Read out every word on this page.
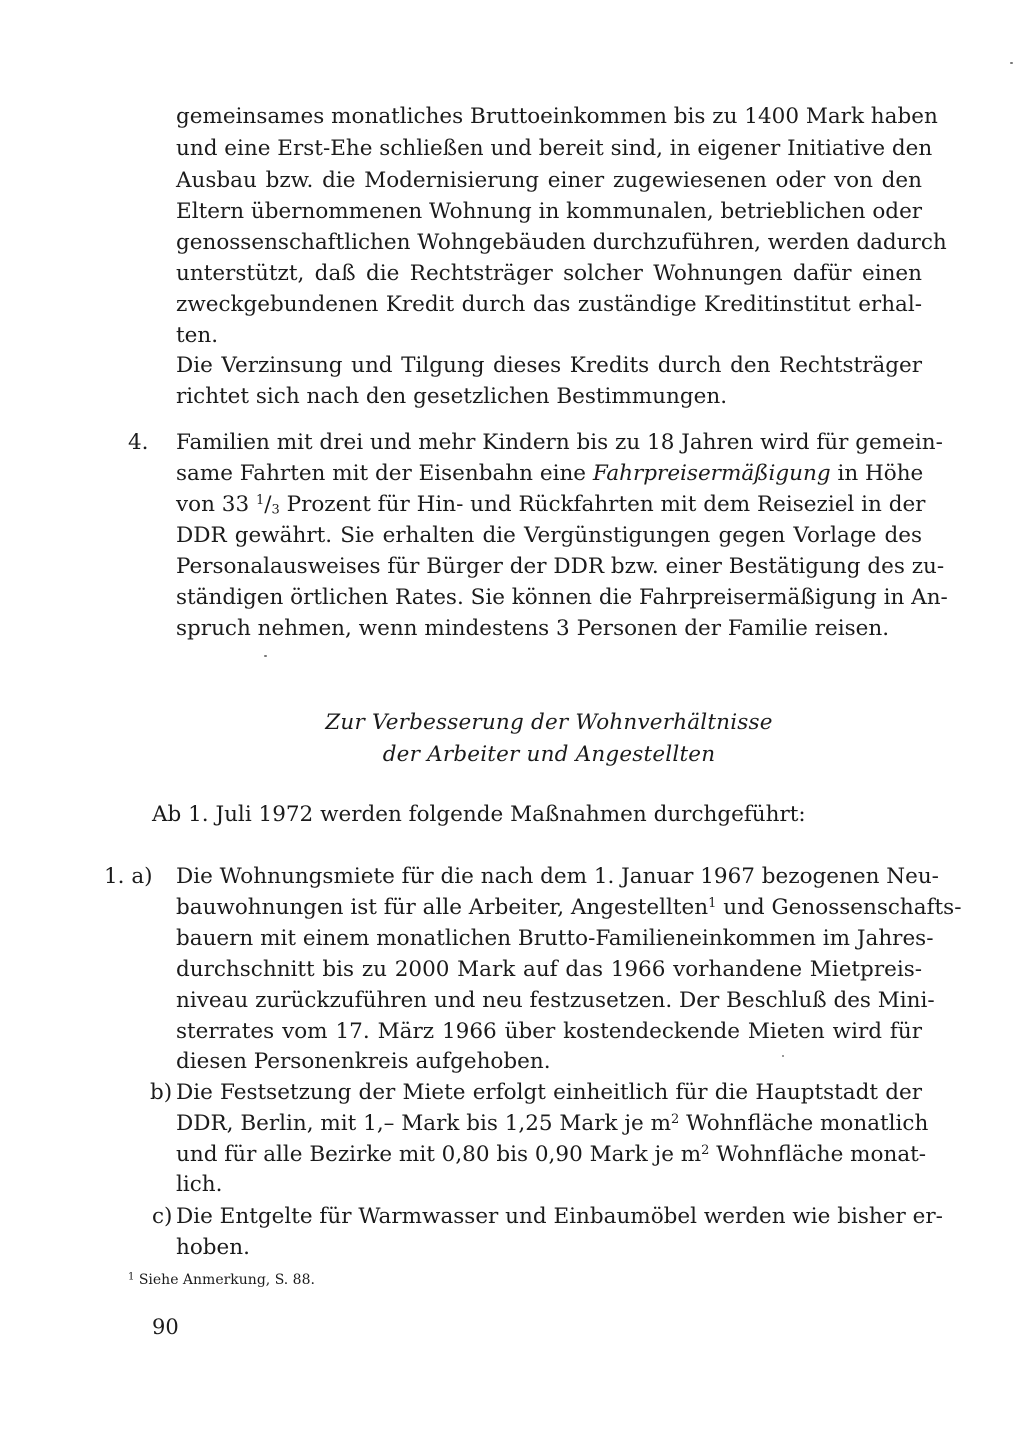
gemeinsames monatliches Bruttoeinkommen bis zu 1400 Mark haben
und eine Erst-Ehe schließen und bereit sind, in eigener Initiative den
Ausbau bzw. die Modernisierung einer zugewiesenen oder von den
Eltern übernommenen Wohnung in kommunalen, betrieblichen oder
genossenschaftlichen Wohngebäuden durchzuführen, werden dadurch
unterstützt, daß die Rechtsträger solcher Wohnungen dafür einen
zweckgebundenen Kredit durch das zuständige Kreditinstitut erhal-
ten.
Die Verzinsung und Tilgung dieses Kredits durch den Rechtsträger
richtet sich nach den gesetzlichen Bestimmungen.
4. Familien mit drei und mehr Kindern bis zu 18 Jahren wird für gemein-
same Fahrten mit der Eisenbahn eine Fahrpreisermäßigung in Höhe
von 33 $^1/_3$ Prozent für Hin- und Rückfahrten mit dem Reiseziel in der
DDR gewährt. Sie erhalten die Vergünstigungen gegen Vorlage des
Personalausweises für Bürger der DDR bzw. einer Bestätigung des zu-
ständigen örtlichen Rates. Sie können die Fahrpreisermäßigung in An-
spruch nehmen, wenn mindestens 3 Personen der Familie reisen.
Zur Verbesserung der Wohnverhältnisse
der Arbeiter und Angestellten
Ab 1. Juli 1972 werden folgende Maßnahmen durchgeführt:
1. a) Die Wohnungsmiete für die nach dem 1. Januar 1967 bezogenen Neu-
bauwohnungen ist für alle Arbeiter, Angestellten$^1$ und Genossenschafts-
bauern mit einem monatlichen Brutto-Familieneinkommen im Jahres-
durchschnitt bis zu 2000 Mark auf das 1966 vorhandene Mietpreis-
niveau zurückzuführen und neu festzusetzen. Der Beschluß des Mini-
sterrates vom 17. März 1966 über kostendeckende Mieten wird für
diesen Personenkreis aufgehoben.
b) Die Festsetzung der Miete erfolgt einheitlich für die Hauptstadt der
DDR, Berlin, mit 1,– Mark bis 1,25 Mark je $m^2$ Wohnfläche monatlich
und für alle Bezirke mit 0,80 bis 0,90 Mark je $m^2$ Wohnfläche monat-
lich.
c) Die Entgelte für Warmwasser und Einbaumöbel werden wie bisher er-
hoben.
$^1$ Siehe Anmerkung, S. 88.
90
